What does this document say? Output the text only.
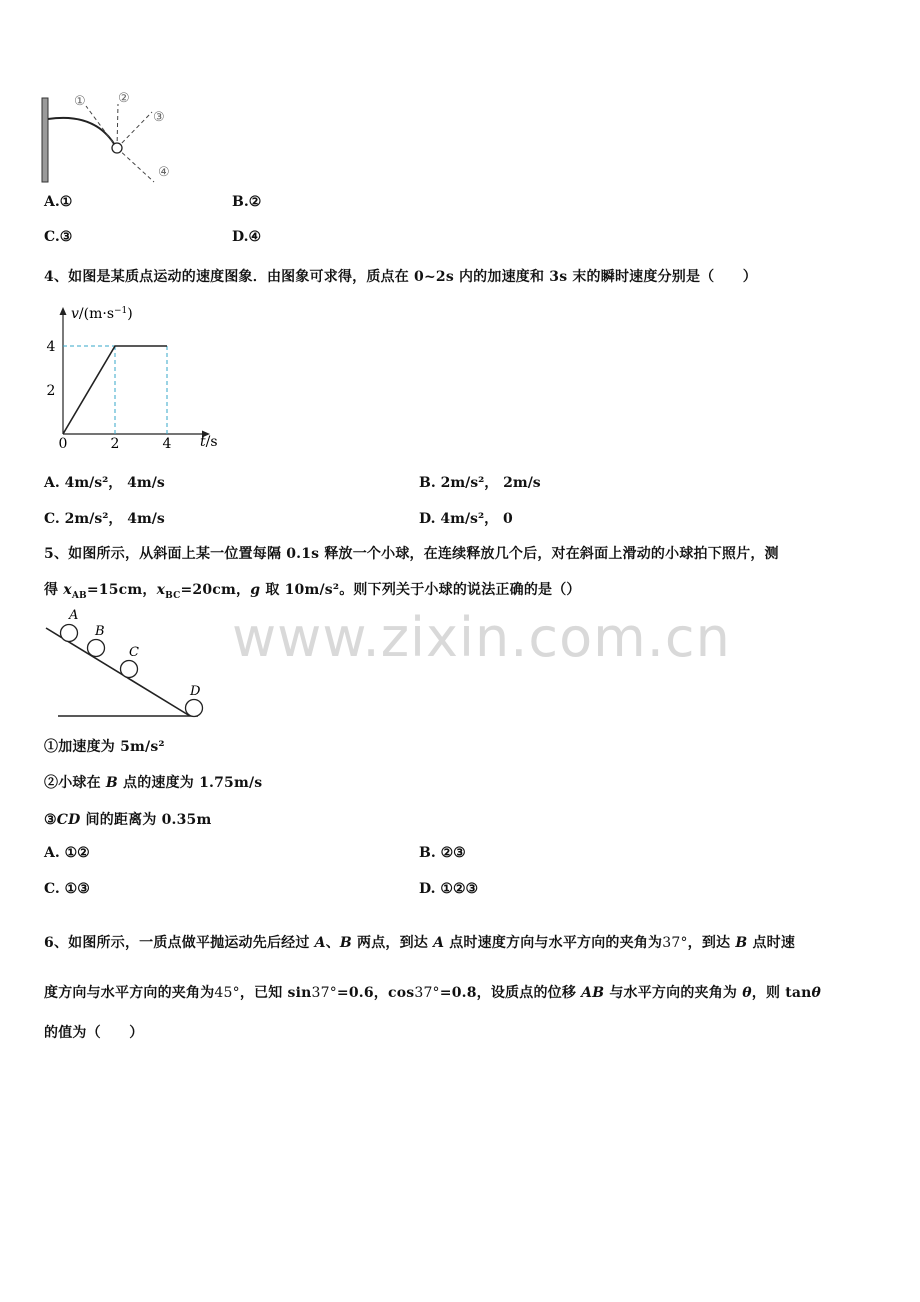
www.zixin.com.cn
① ②
③
④
A.①	B.②
C.③	D.④
4、如图是某质点运动的速度图象．由图象可求得，质点在 0~2s 内的加速度和 3s 末的瞬时速度分别是（　　）
$v/(m\cdot s^{-1})$
t/s
0	2	4
2
4
A. 4m/s²， 4m/s	B. 2m/s²， 2m/s
C. 2m/s²， 4m/s	D. 4m/s²， 0
5、如图所示，从斜面上某一位置每隔 0.1s 释放一个小球，在连续释放几个后，对在斜面上滑动的小球拍下照片，测
得 $x_{AB}=15cm$，$x_{BC}=20cm$，g 取 10m/s²。则下列关于小球的说法正确的是（）
A
B
C
D
①加速度为 5m/s²
②小球在 B 点的速度为 1.75m/s
③CD 间的距离为 0.35m
A. ①②	B. ②③
C. ①③	D. ①②③
6、如图所示，一质点做平抛运动先后经过 A、B 两点，到达 A 点时速度方向与水平方向的夹角为37°，到达 B 点时速
度方向与水平方向的夹角为45°，已知 sin37°=0.6，cos37°=0.8，设质点的位移 AB 与水平方向的夹角为 θ，则 tanθ
的值为（　　）
